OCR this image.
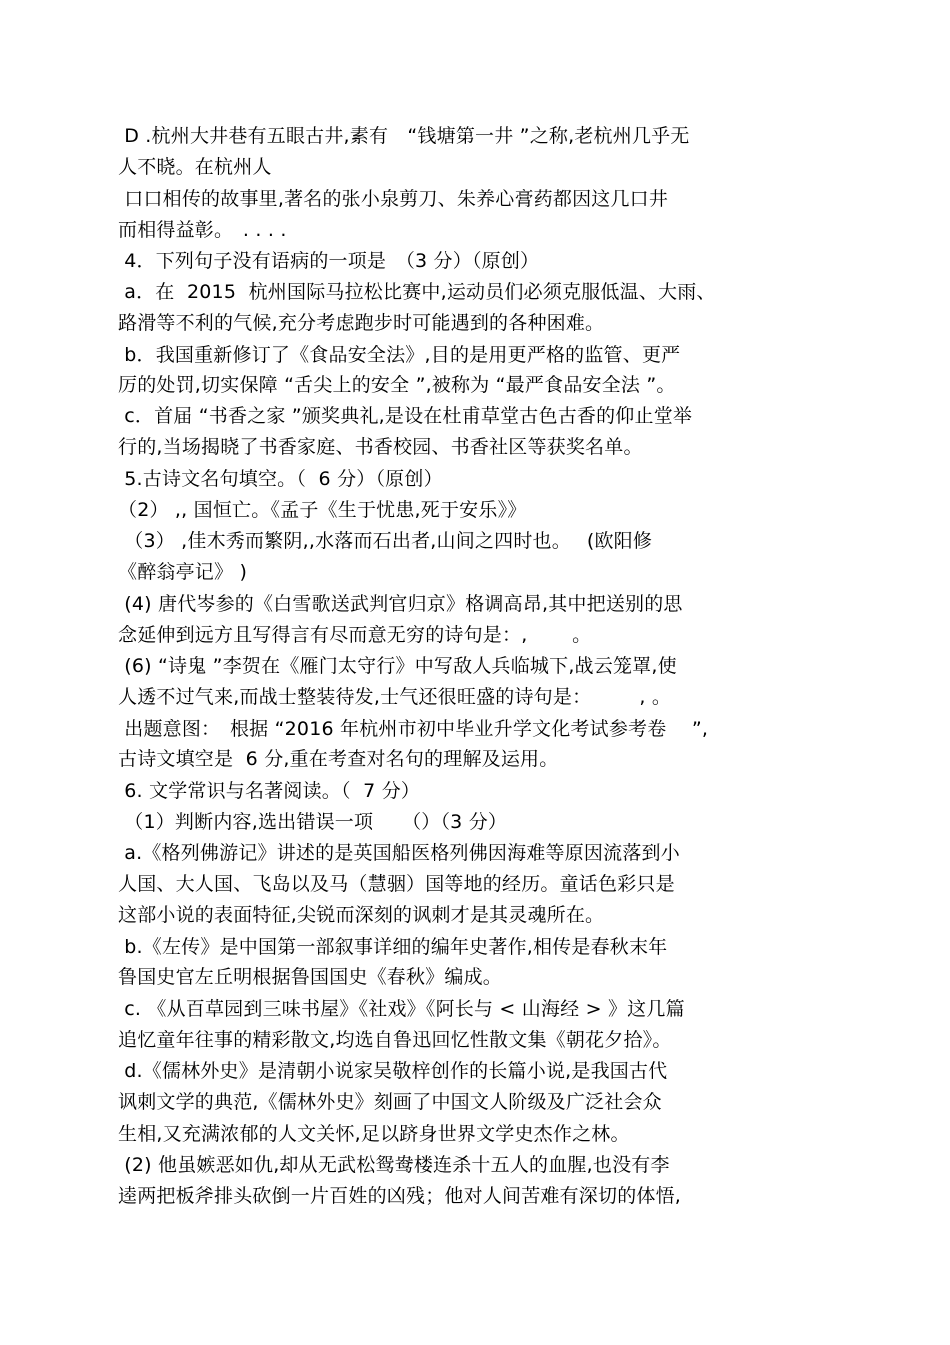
D .杭州大井巷有五眼古井,素有　“钱塘第一井 ”之称,老杭州几乎无
人不晓。在杭州人
口口相传的故事里,著名的张小泉剪刀、朱养心膏药都因这几口井
而相得益彰。　. . . .
4．下列句子没有语病的一项是　（3 分）（原创）
a．在  2015  杭州国际马拉松比赛中,运动员们必须克服低温、大雨、
路滑等不利的气候,充分考虑跑步时可能遇到的各种困难。
b．我国重新修订了《食品安全法》,目的是用更严格的监管、更严
厉的处罚,切实保障 “舌尖上的安全 ”,被称为 “最严食品安全法 ”。
c．首届 “书香之家 ”颁奖典礼,是设在杜甫草堂古色古香的仰止堂举
行的,当场揭晓了书香家庭、书香校园、书香社区等获奖名单。
5.古诗文名句填空。（  6 分）（原创）
（2） ,, 国恒亡。《孟子《生于忧患,死于安乐》》
（3） ,佳木秀而繁阴,,水落而石出者,山间之四时也。　 (欧阳修
《醉翁亭记》 )
(4) 唐代岑参的《白雪歌送武判官归京》格调高昂,其中把送别的思
念延伸到远方且写得言有尽而意无穷的诗句是：,　　 。
(6) “诗鬼 ”李贺在《雁门太守行》中写敌人兵临城下,战云笼罩,使
人透不过气来,而战士整装待发,士气还很旺盛的诗句是：　　　, 。
出题意图：　根据 “2016 年杭州市初中毕业升学文化考试参考卷　 ”,
古诗文填空是  6 分,重在考查对名句的理解及运用。
6. 文学常识与名著阅读。（  7 分）
（1）判断内容,选出错误一项　　（）（3 分）
a.《格列佛游记》讲述的是英国船医格列佛因海难等原因流落到小
人国、大人国、飞岛以及马（慧骃）国等地的经历。童话色彩只是
这部小说的表面特征,尖锐而深刻的讽刺才是其灵魂所在。
b.《左传》是中国第一部叙事详细的编年史著作,相传是春秋末年
鲁国史官左丘明根据鲁国国史《春秋》编成。
c. 《从百草园到三味书屋》《社戏》《阿长与 < 山海经 > 》这几篇
追忆童年往事的精彩散文,均选自鲁迅回忆性散文集《朝花夕拾》。
d.《儒林外史》是清朝小说家吴敬梓创作的长篇小说,是我国古代
讽刺文学的典范,《儒林外史》刻画了中国文人阶级及广泛社会众
生相,又充满浓郁的人文关怀,足以跻身世界文学史杰作之林。
(2) 他虽嫉恶如仇,却从无武松鸳鸯楼连杀十五人的血腥,也没有李
逵两把板斧排头砍倒一片百姓的凶残；他对人间苦难有深切的体悟,
